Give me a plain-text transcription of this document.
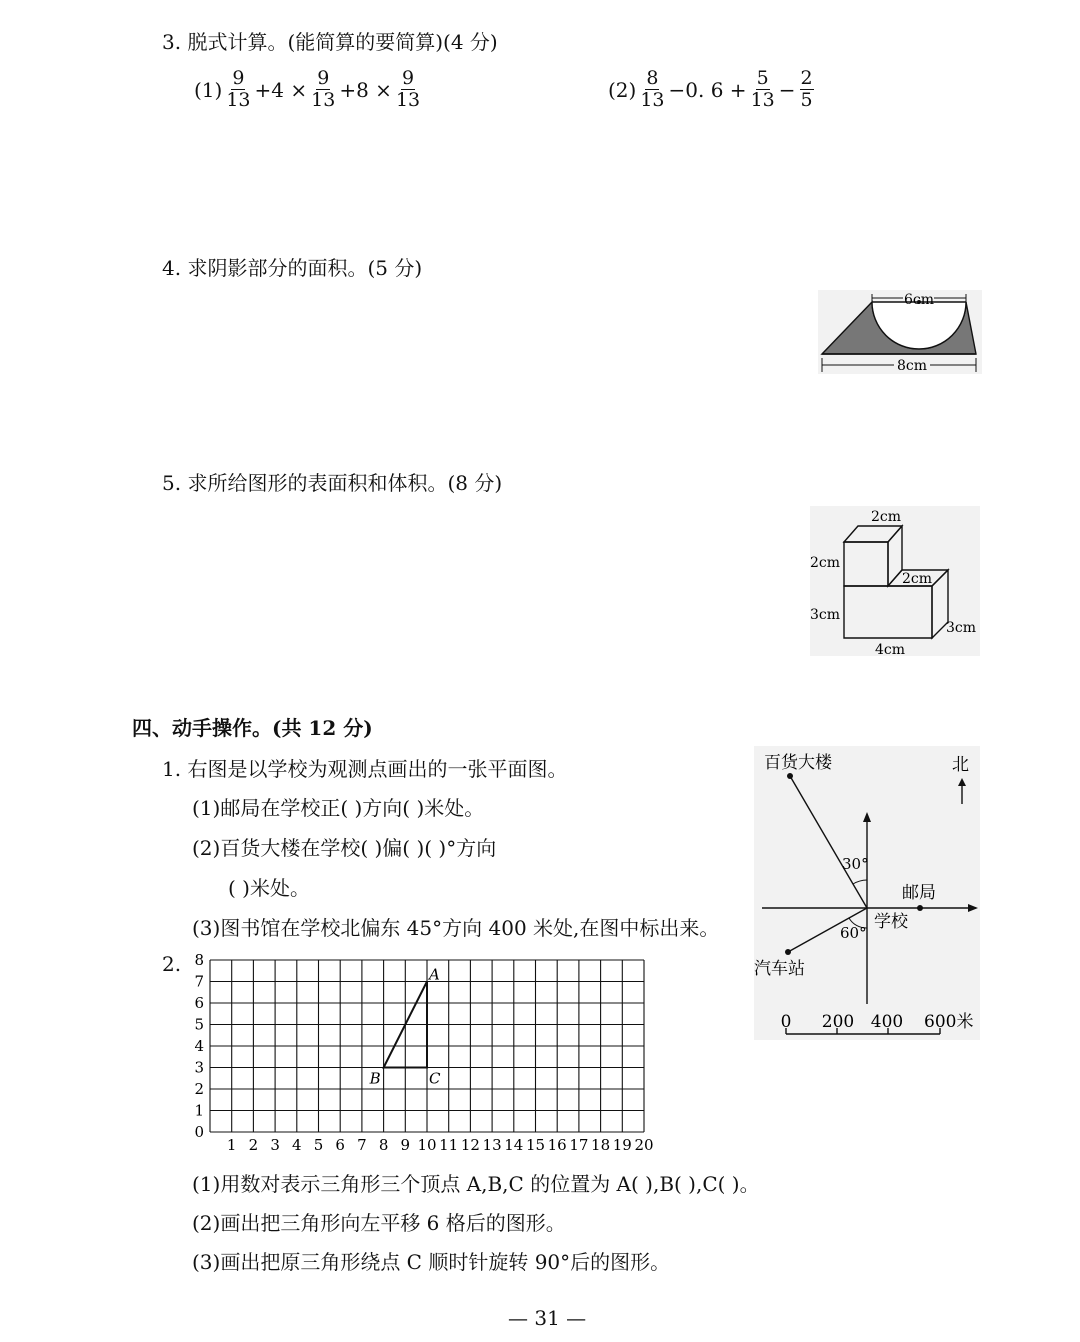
3. 脱式计算。(能简算的要简算)(4 分)
$(1) \frac{9}{13} +4 \times \frac{9}{13} +8 \times \frac{9}{13}$	$(2) \frac{8}{13} -0$. $6 + \frac{5}{13} - \frac{2}{5}$
4. 求阴影部分的面积。(5 分)
6cm
8cm
5. 求所给图形的表面积和体积。(8 分)
2cm
2cm
2cm
3cm
3cm
4cm
四、动手操作。(共 12 分)
1. 右图是以学校为观测点画出的一张平面图。
(1)邮局在学校正( )方向( )米处。
(2)百货大楼在学校( )偏( )( )°方向
( )米处。
(3)图书馆在学校北偏东 45°方向 400 米处,在图中标出来。
百货大楼	北
30°
60°
邮局
学校
汽车站
0 200 400 600米
2.
1 2 3 4 5 6 7 8 9 10 11 12 13 14 15 16 17 18 19 20
0
1
2
3
4
5
6
7
8
A
B	C
(1)用数对表示三角形三个顶点 A,B,C 的位置为 A( ),B( ),C( )。
(2)画出把三角形向左平移 6 格后的图形。
(3)画出把原三角形绕点 C 顺时针旋转 90°后的图形。
— 31 —
